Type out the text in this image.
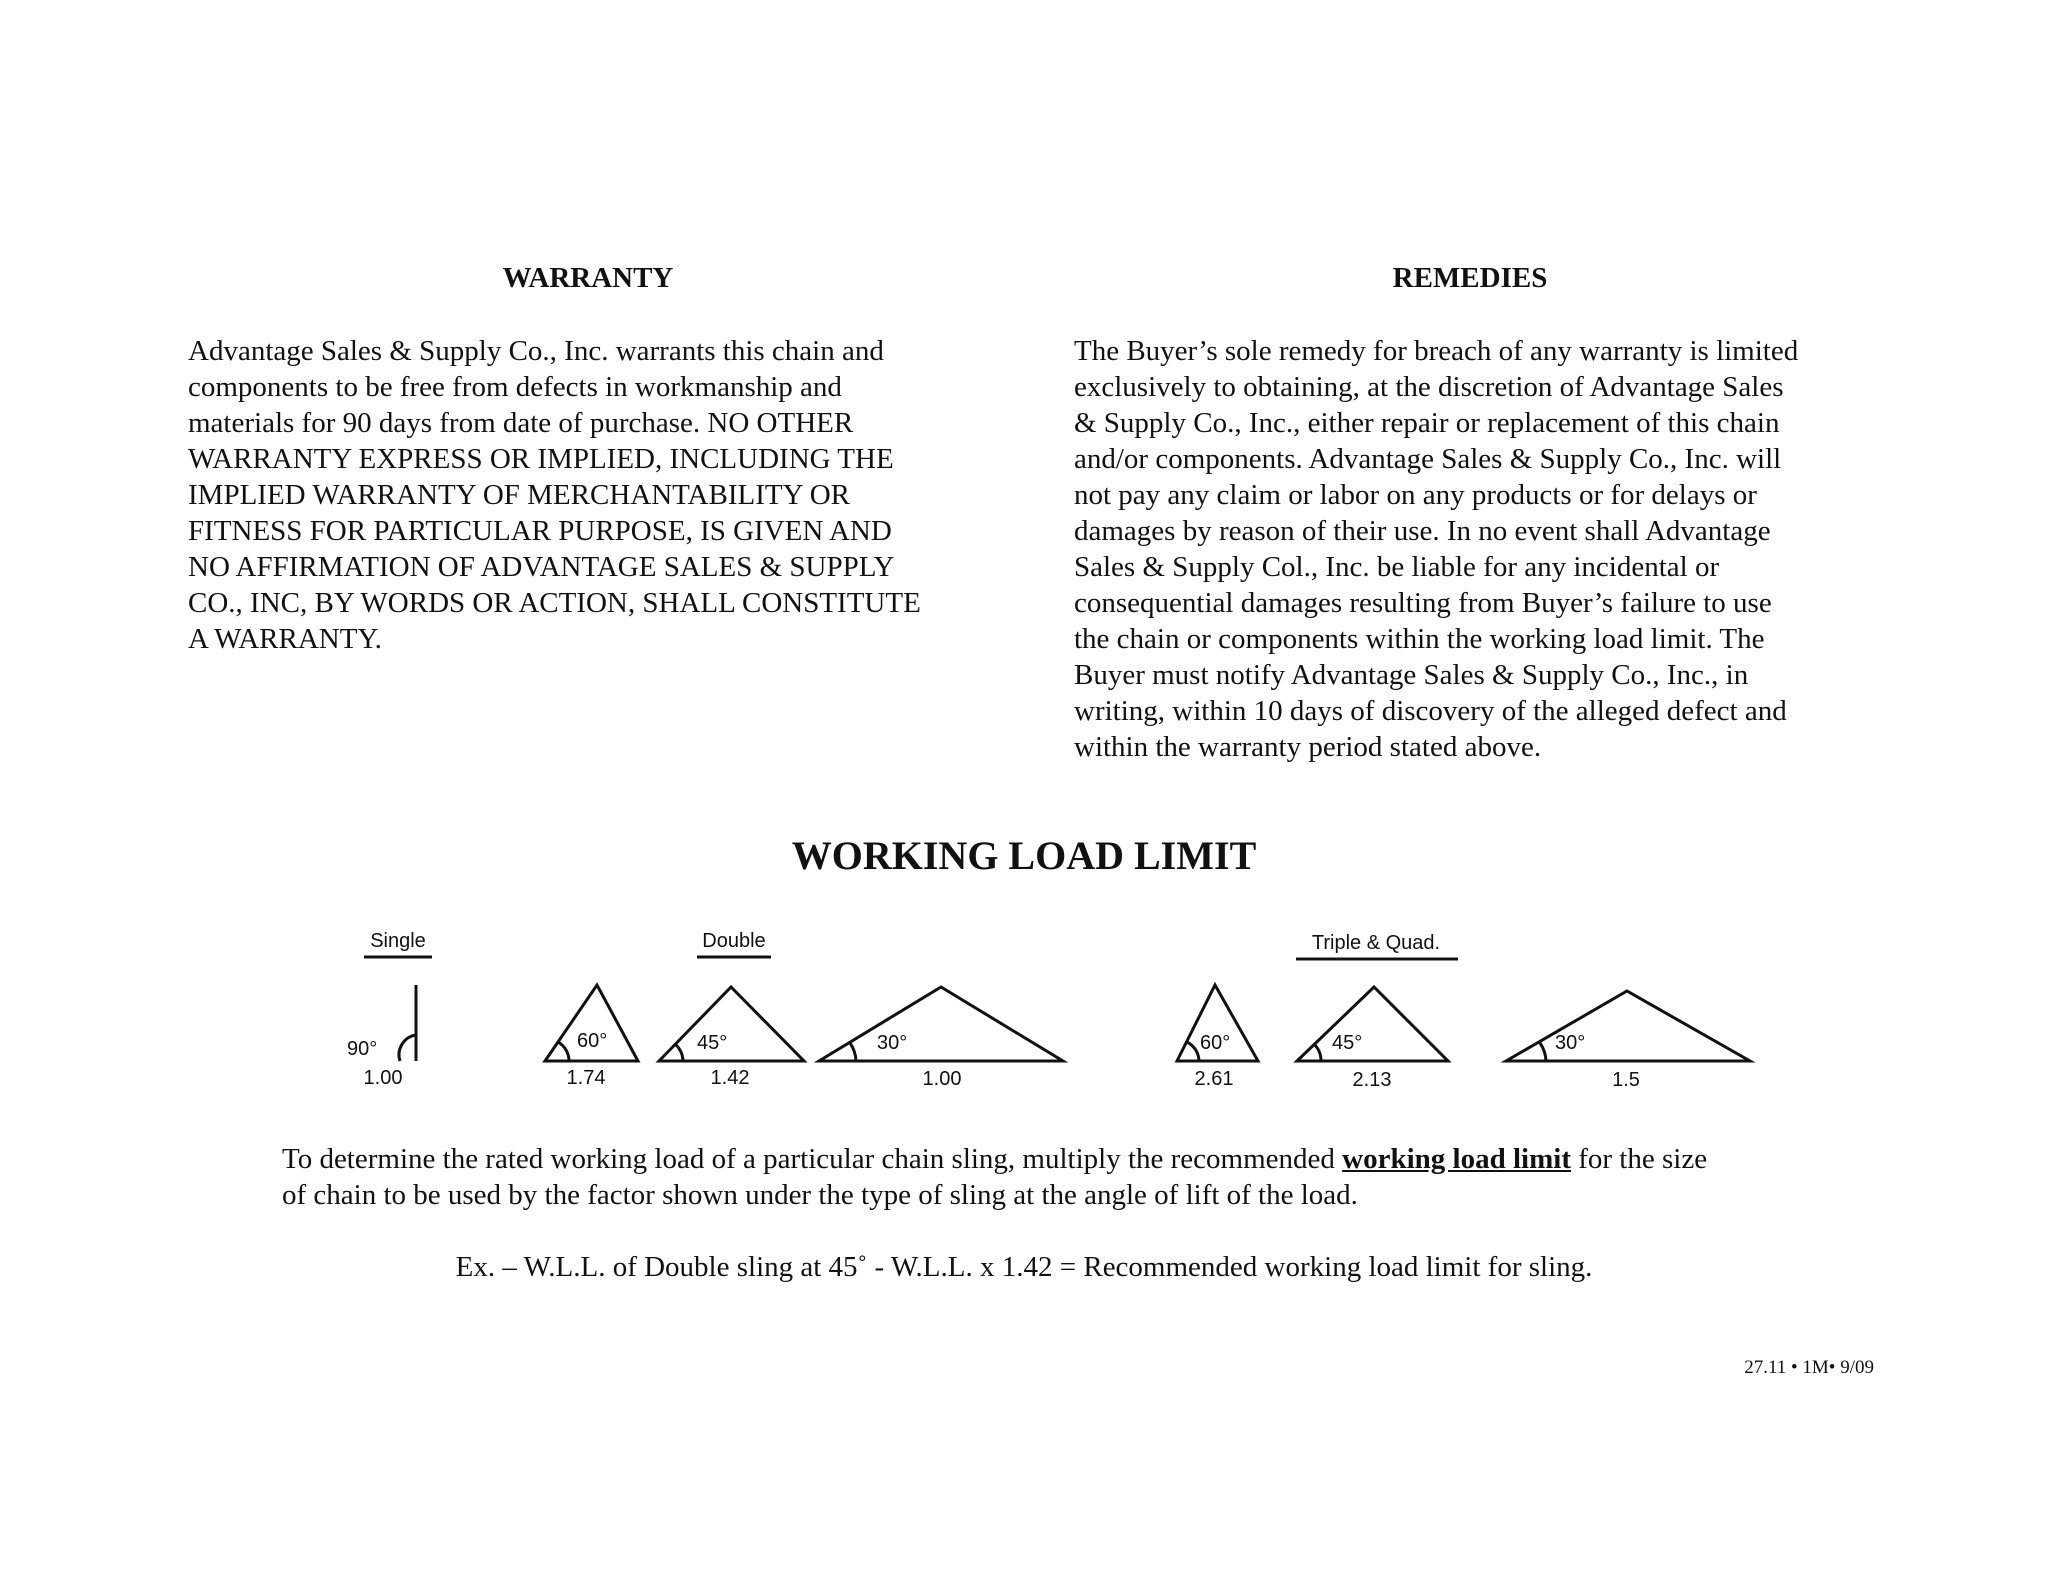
WARRANTY	REMEDIES
Advantage Sales & Supply Co., Inc. warrants this chain and
components to be free from defects in workmanship and
materials for 90 days from date of purchase. NO OTHER
WARRANTY EXPRESS OR IMPLIED, INCLUDING THE
IMPLIED WARRANTY OF MERCHANTABILITY OR
FITNESS FOR PARTICULAR PURPOSE, IS GIVEN AND
NO AFFIRMATION OF ADVANTAGE SALES & SUPPLY
CO., INC, BY WORDS OR ACTION, SHALL CONSTITUTE
A WARRANTY.
The Buyer’s sole remedy for breach of any warranty is limited
exclusively to obtaining, at the discretion of Advantage Sales
& Supply Co., Inc., either repair or replacement of this chain
and/or components. Advantage Sales & Supply Co., Inc. will
not pay any claim or labor on any products or for delays or
damages by reason of their use. In no event shall Advantage
Sales & Supply Col., Inc. be liable for any incidental or
consequential damages resulting from Buyer’s failure to use
the chain or components within the working load limit. The
Buyer must notify Advantage Sales & Supply Co., Inc., in
writing, within 10 days of discovery of the alleged defect and
within the warranty period stated above.
WORKING LOAD LIMIT
Single	Double	Triple & Quad.
90°	60°	45°	30°	60°	45°	30°
1.00	1.74	1.42	1.00	2.61	2.13	1.5
To determine the rated working load of a particular chain sling, multiply the recommended working load limit for the size
of chain to be used by the factor shown under the type of sling at the angle of lift of the load.
Ex. – W.L.L. of Double sling at 45˚ - W.L.L. x 1.42 = Recommended working load limit for sling.
27.11 • 1M• 9/09
